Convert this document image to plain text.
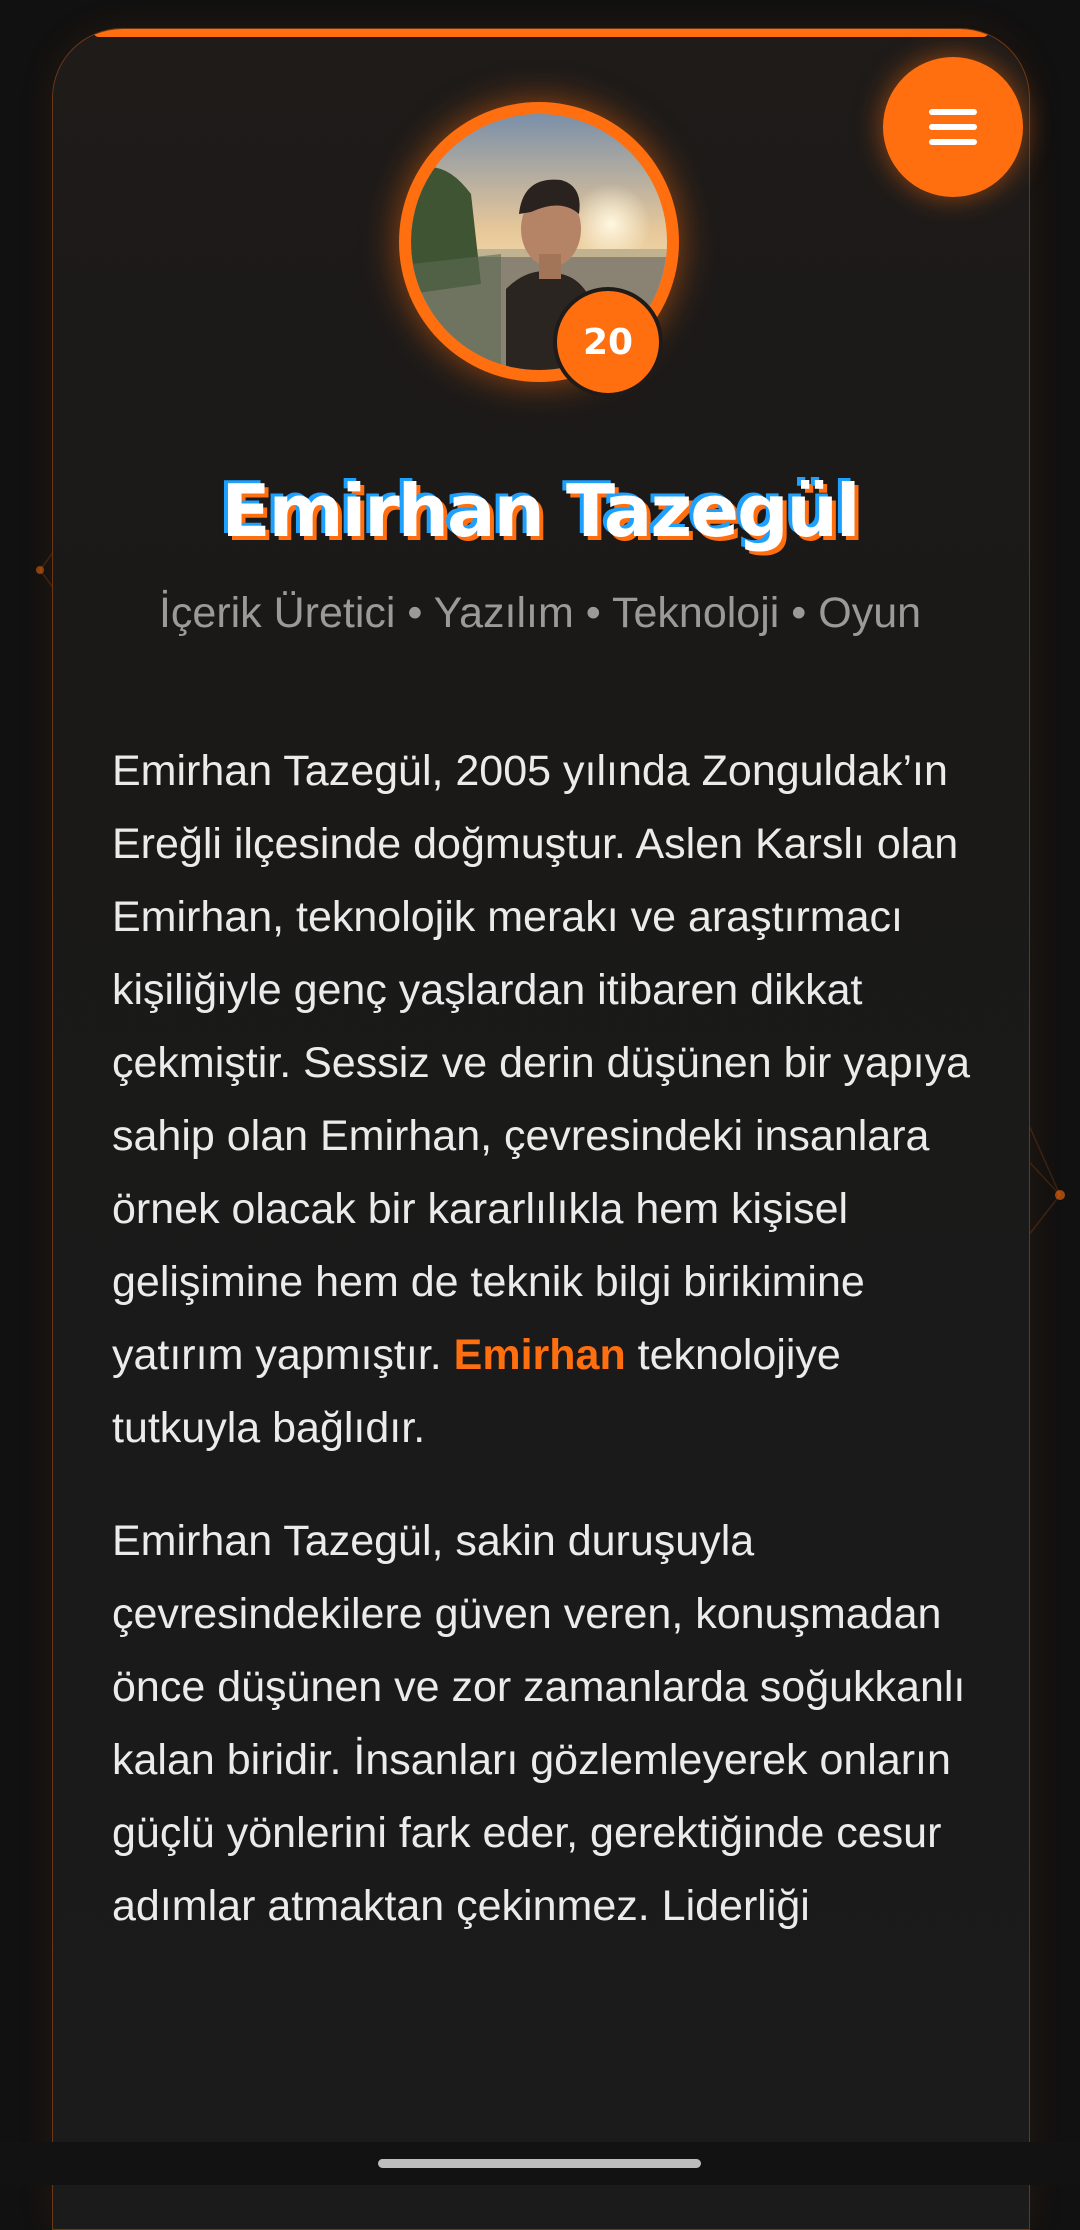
20
Emirhan Tazegül

İçerik Üretici • Yazılım • Teknoloji • Oyun

Emirhan Tazegül, 2005 yılında Zonguldak’ın Ereğli ilçesinde doğmuştur. Aslen Karslı olan Emirhan, teknolojik merakı ve araştırmacı kişiliğiyle genç yaşlardan itibaren dikkat çekmiştir. Sessiz ve derin düşünen bir yapıya sahip olan Emirhan, çevresindeki insanlara örnek olacak bir kararlılıkla hem kişisel gelişimine hem de teknik bilgi birikimine yatırım yapmıştır. Emirhan teknolojiye tutkuyla bağlıdır.

Emirhan Tazegül, sakin duruşuyla çevresindekilere güven veren, konuşmadan önce düşünen ve zor zamanlarda soğukkanlı kalan biridir. İnsanları gözlemleyerek onların güçlü yönlerini fark eder, gerektiğinde cesur adımlar atmaktan çekinmez. Liderliği
